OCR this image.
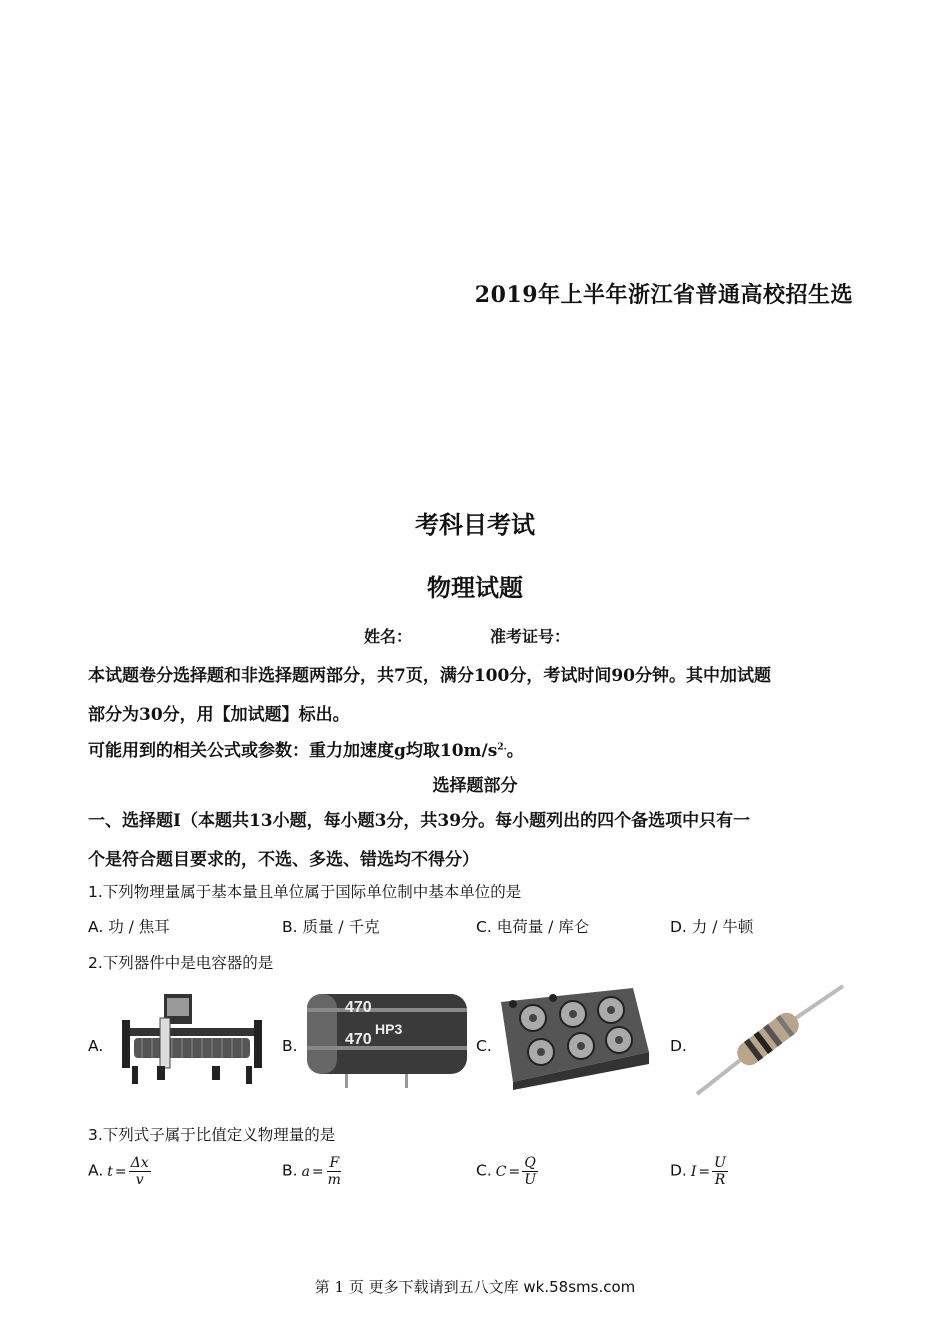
2019年上半年浙江省普通高校招生选
考科目考试
物理试题
姓名：	准考证号：
本试题卷分选择题和非选择题两部分，共7页，满分100分，考试时间90分钟。其中加试题
部分为30分，用【加试题】标出。
可能用到的相关公式或参数：重力加速度g均取$10m/s^{2.}$。
选择题部分
一、选择题Ⅰ（本题共13小题，每小题3分，共39分。每小题列出的四个备选项中只有一
个是符合题目要求的，不选、多选、错选均不得分）
1.下列物理量属于基本量且单位属于国际单位制中基本单位的是
A. 功 / 焦耳	B. 质量 / 千克	C. 电荷量 / 库仑	D. 力 / 牛顿
2.下列器件中是电容器的是
A.	B.
470
HP3
470	C.	D.
3.下列式子属于比值定义物理量的是
A. $t = \frac{\Delta x}{v}$	B. $a = \frac{F}{m}$	C. $C = \frac{Q}{U}$	D. $I = \frac{U}{R}$
第 1 页 更多下载请到五八文库 wk.58sms.com
